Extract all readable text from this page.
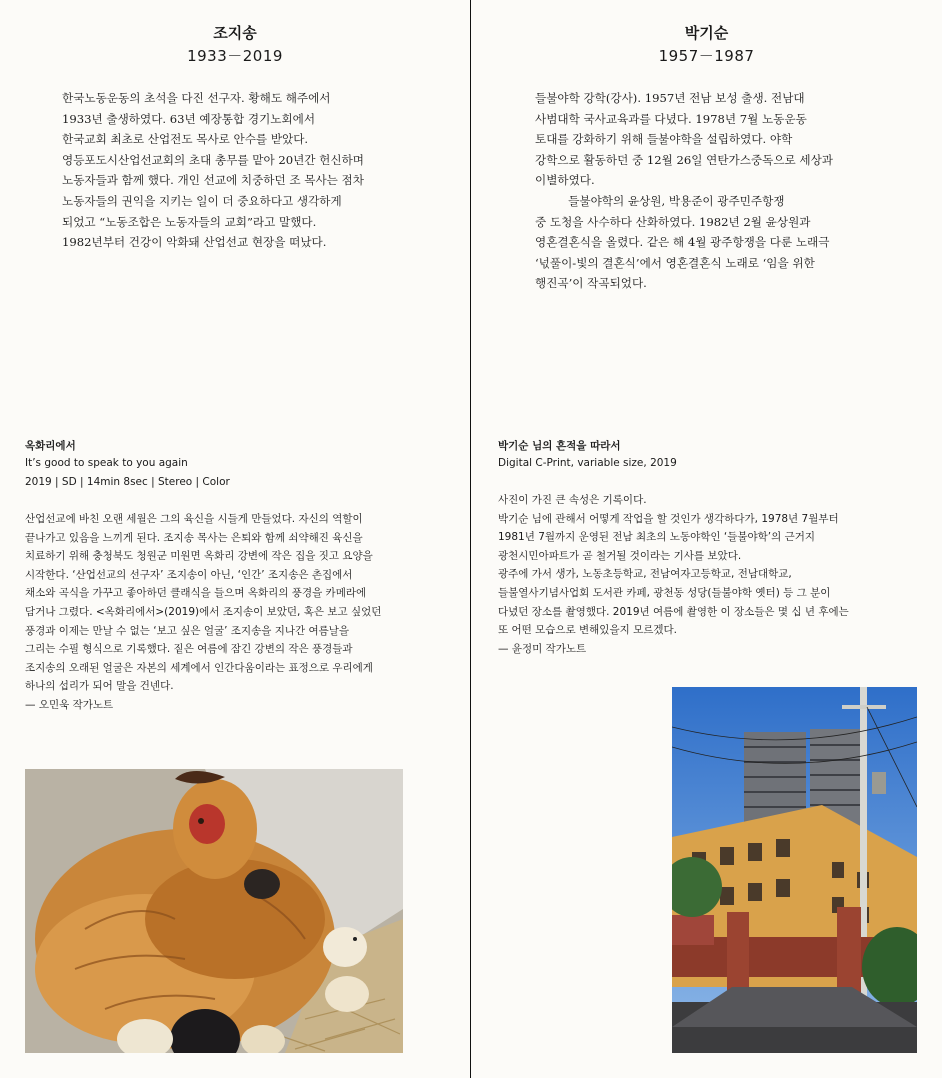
조지송
1933－2019

한국노동운동의 초석을 다진 선구자. 황해도 해주에서

1933년 출생하였다. 63년 예장통합 경기노회에서

한국교회 최초로 산업전도 목사로 안수를 받았다.

영등포도시산업선교회의 초대 총무를 맡아 20년간 헌신하며

노동자들과 함께 했다. 개인 선교에 치중하던 조 목사는 점차

노동자들의 권익을 지키는 일이 더 중요하다고 생각하게

되었고 “노동조합은 노동자들의 교회”라고 말했다.

1982년부터 건강이 악화돼 산업선교 현장을 떠났다.

옥화리에서
It’s good to speak to you again
2019 | SD | 14min 8sec | Stereo | Color

산업선교에 바친 오랜 세월은 그의 육신을 시들게 만들었다. 자신의 역할이

끝나가고 있음을 느끼게 된다. 조지송 목사는 은퇴와 함께 쇠약해진 육신을

치료하기 위해 충청북도 청원군 미원면 옥화리 강변에 작은 집을 짓고 요양을

시작한다. ‘산업선교의 선구자’ 조지송이 아닌, ‘인간’ 조지송은 촌집에서

채소와 곡식을 가꾸고 좋아하던 클래식을 들으며 옥화리의 풍경을 카메라에

담거나 그렸다. <옥화리에서>(2019)에서 조지송이 보았던, 혹은 보고 싶었던

풍경과 이제는 만날 수 없는 ‘보고 싶은 얼굴’ 조지송을 지나간 여름날을

그리는 수필 형식으로 기록했다. 짙은 여름에 잠긴 강변의 작은 풍경들과

조지송의 오래된 얼굴은 자본의 세계에서 인간다움이라는 표정으로 우리에게

하나의 섭리가 되어 말을 건넨다.

— 오민욱 작가노트

박기순
1957－1987

들불야학 강학(강사). 1957년 전남 보성 출생. 전남대

사범대학 국사교육과를 다녔다. 1978년 7월 노동운동

토대를 강화하기 위해 들불야학을 설립하였다. 야학

강학으로 활동하던 중 12월 26일 연탄가스중독으로 세상과

이별하였다.

들불야학의 윤상원, 박용준이 광주민주항쟁

중 도청을 사수하다 산화하였다. 1982년 2월 윤상원과

영혼결혼식을 올렸다. 같은 해 4월 광주항쟁을 다룬 노래극

‘넋풀이-빛의 결혼식’에서 영혼결혼식 노래로 ‘임을 위한

행진곡’이 작곡되었다.

박기순 님의 흔적을 따라서
Digital C-Print, variable size, 2019

사진이 가진 큰 속성은 기록이다.

박기순 님에 관해서 어떻게 작업을 할 것인가 생각하다가, 1978년 7월부터

1981년 7월까지 운영된 전남 최초의 노동야학인 ‘들불야학’의 근거지

광천시민아파트가 곧 철거될 것이라는 기사를 보았다.

광주에 가서 생가, 노동초등학교, 전남여자고등학교, 전남대학교,

들불열사기념사업회 도서관 카페, 광천동 성당(들불야학 옛터) 등 그 분이

다녔던 장소를 촬영했다. 2019년 여름에 촬영한 이 장소들은 몇 십 년 후에는

또 어떤 모습으로 변해있을지 모르겠다.

— 윤정미 작가노트
